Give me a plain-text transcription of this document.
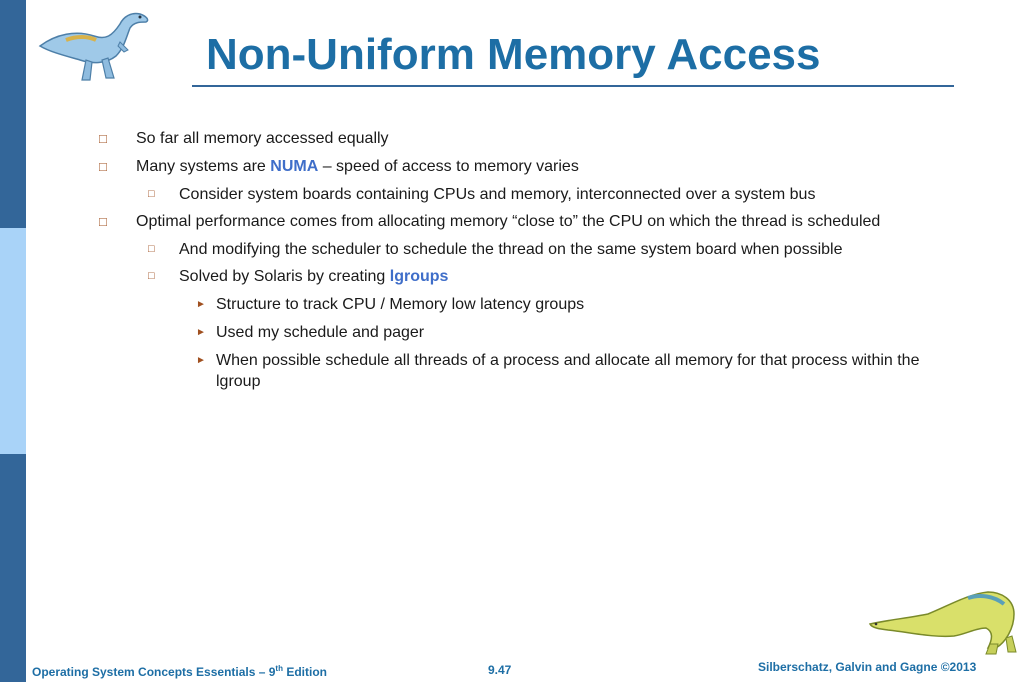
Non-Uniform Memory Access
□ So far all memory accessed equally
□ Many systems are NUMA – speed of access to memory varies
□ Consider system boards containing CPUs and memory, interconnected over a system bus
□ Optimal performance comes from allocating memory “close to” the CPU on which the thread is scheduled
□ And modifying the scheduler to schedule the thread on the same system board when possible
□ Solved by Solaris by creating lgroups
► Structure to track CPU / Memory low latency groups
► Used my schedule and pager
► When possible schedule all threads of a process and allocate all memory for that process within the
lgroup
Operating System Concepts Essentials – 9th Edition	9.47	Silberschatz, Galvin and Gagne ©2013
